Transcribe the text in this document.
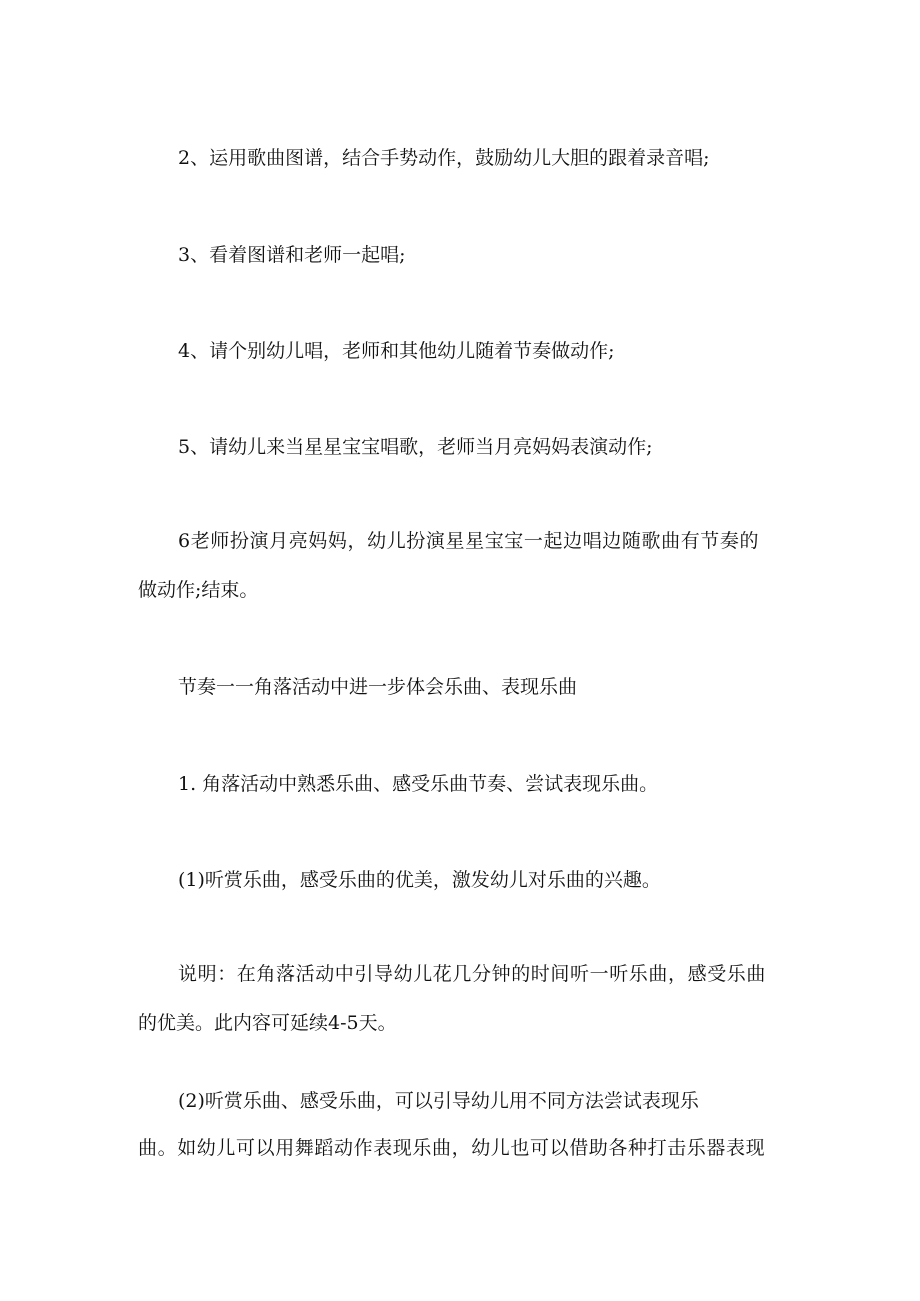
2、运用歌曲图谱，结合手势动作，鼓励幼儿大胆的跟着录音唱;

3、看着图谱和老师一起唱;

4、请个别幼儿唱，老师和其他幼儿随着节奏做动作;

5、请幼儿来当星星宝宝唱歌，老师当月亮妈妈表演动作;

6老师扮演月亮妈妈，幼儿扮演星星宝宝一起边唱边随歌曲有节奏的

做动作;结束。

节奏一一角落活动中进一步体会乐曲、表现乐曲

1. 角落活动中熟悉乐曲、感受乐曲节奏、尝试表现乐曲。

(1)听赏乐曲，感受乐曲的优美，激发幼儿对乐曲的兴趣。

说明：在角落活动中引导幼儿花几分钟的时间听一听乐曲，感受乐曲

的优美。此内容可延续4-5天。

(2)听赏乐曲、感受乐曲，可以引导幼儿用不同方法尝试表现乐

曲。如幼儿可以用舞蹈动作表现乐曲，幼儿也可以借助各种打击乐器表现
